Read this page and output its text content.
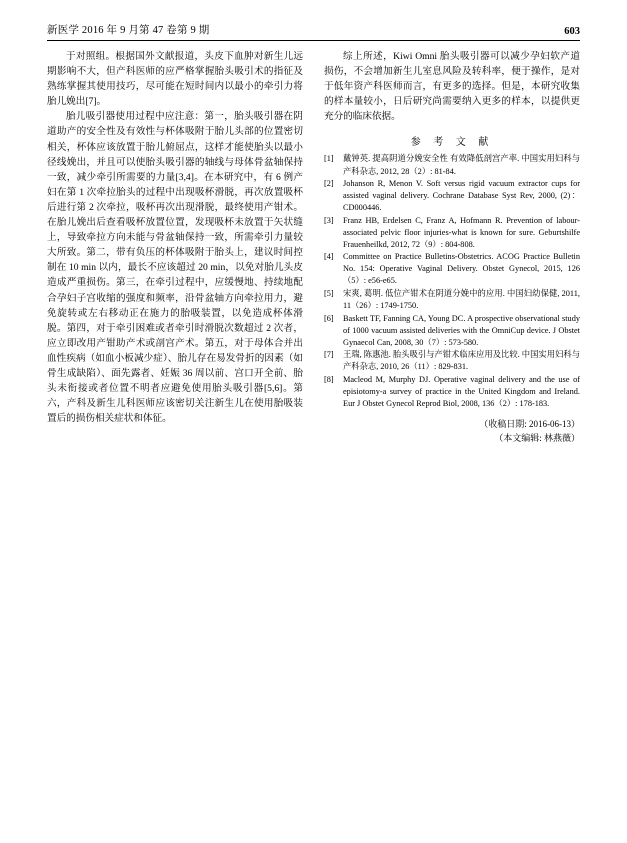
新医学 2016 年 9 月第 47 卷第 9 期	603

于对照组。根据国外文献报道，头皮下血肿对新生儿远期影响不大，但产科医师的应严格掌握胎头吸引术的指征及熟练掌握其使用技巧，尽可能在短时间内以最小的牵引力将胎儿娩出[7]。

胎儿吸引器使用过程中应注意：第一，胎头吸引器在阴道助产的安全性及有效性与杯体吸附于胎儿头部的位置密切相关，杯体应该放置于胎儿俯屈点，这样才能使胎头以最小径线娩出，并且可以使胎头吸引器的轴线与母体骨盆轴保持一致，减少牵引所需要的力量[3,4]。在本研究中，有 6 例产妇在第 1 次牵拉胎头的过程中出现吸杯滑脱，再次放置吸杯后进行第 2 次牵拉，吸杯再次出现滑脱，最终使用产钳术。在胎儿娩出后查看吸杯放置位置，发现吸杯未放置于矢状缝上，导致牵拉方向未能与骨盆轴保持一致，所需牵引力量较大所致。第二，带有负压的杯体吸附于胎头上，建议时间控制在 10 min 以内，最长不应该超过 20 min，以免对胎儿头皮造成严重损伤。第三，在牵引过程中，应缓慢地、持续地配合孕妇子宫收缩的强度和频率，沿骨盆轴方向牵拉用力，避免旋转或左右移动正在施力的胎吸装置，以免造成杯体滑脱。第四，对于牵引困难或者牵引时滑脱次数超过 2 次者，应立即改用产钳助产术或剖宫产术。第五，对于母体合并出血性疾病（如血小板减少症）、胎儿存在易发骨折的因素（如骨生成缺陷）、面先露者、妊娠 36 周以前、宫口开全前、胎头未衔接或者位置不明者应避免使用胎头吸引器[5,6]。第六，产科及新生儿科医师应该密切关注新生儿在使用胎吸装置后的损伤相关症状和体征。

综上所述，Kiwi Omni 胎头吸引器可以减少孕妇软产道损伤，不会增加新生儿室息风险及转科率，便于操作，是对于低年资产科医师而言，有更多的选择。但是，本研究收集的样本量较小，日后研究尚需要纳入更多的样本，以提供更充分的临床依据。

参 考 文 献
[1]	戴钟英. 提高阴道分娩安全性 有效降低剖宫产率. 中国实用妇科与产科杂志, 2012, 28（2）: 81-84.
[2]	Johanson R, Menon V. Soft versus rigid vacuum extractor cups for assisted vaginal delivery. Cochrane Database Syst Rev, 2000, (2)：CD000446.
[3]	Franz HB, Erdelsen C, Franz A, Hofmann R. Prevention of labour-associated pelvic floor injuries-what is known for sure. Geburtshilfe Frauenheilkd, 2012, 72（9）: 804-808.
[4]	Committee on Practice Bulletins-Obstetrics. ACOG Practice Bulletin No. 154: Operative Vaginal Delivery. Obstet Gynecol, 2015, 126（5）: e56-e65.
[5]	宋爽, 葛明. 低位产钳术在阴道分娩中的应用. 中国妇幼保健, 2011, 11（26）: 1749-1750.
[6]	Baskett TF, Fanning CA, Young DC. A prospective observational study of 1000 vacuum assisted deliveries with the OmniCup device. J Obstet Gynaecol Can, 2008, 30（7）: 573-580.
[7]	王瑞, 陈惠池. 胎头吸引与产钳术临床应用及比较. 中国实用妇科与产科杂志, 2010, 26（11）: 829-831.
[8]	Macleod M, Murphy DJ. Operative vaginal delivery and the use of episiotomy-a survey of practice in the United Kingdom and Ireland. Eur J Obstet Gynecol Reprod Biol, 2008, 136（2）: 178-183.
（收稿日期: 2016-06-13）
（本文编辑: 林燕薇）
